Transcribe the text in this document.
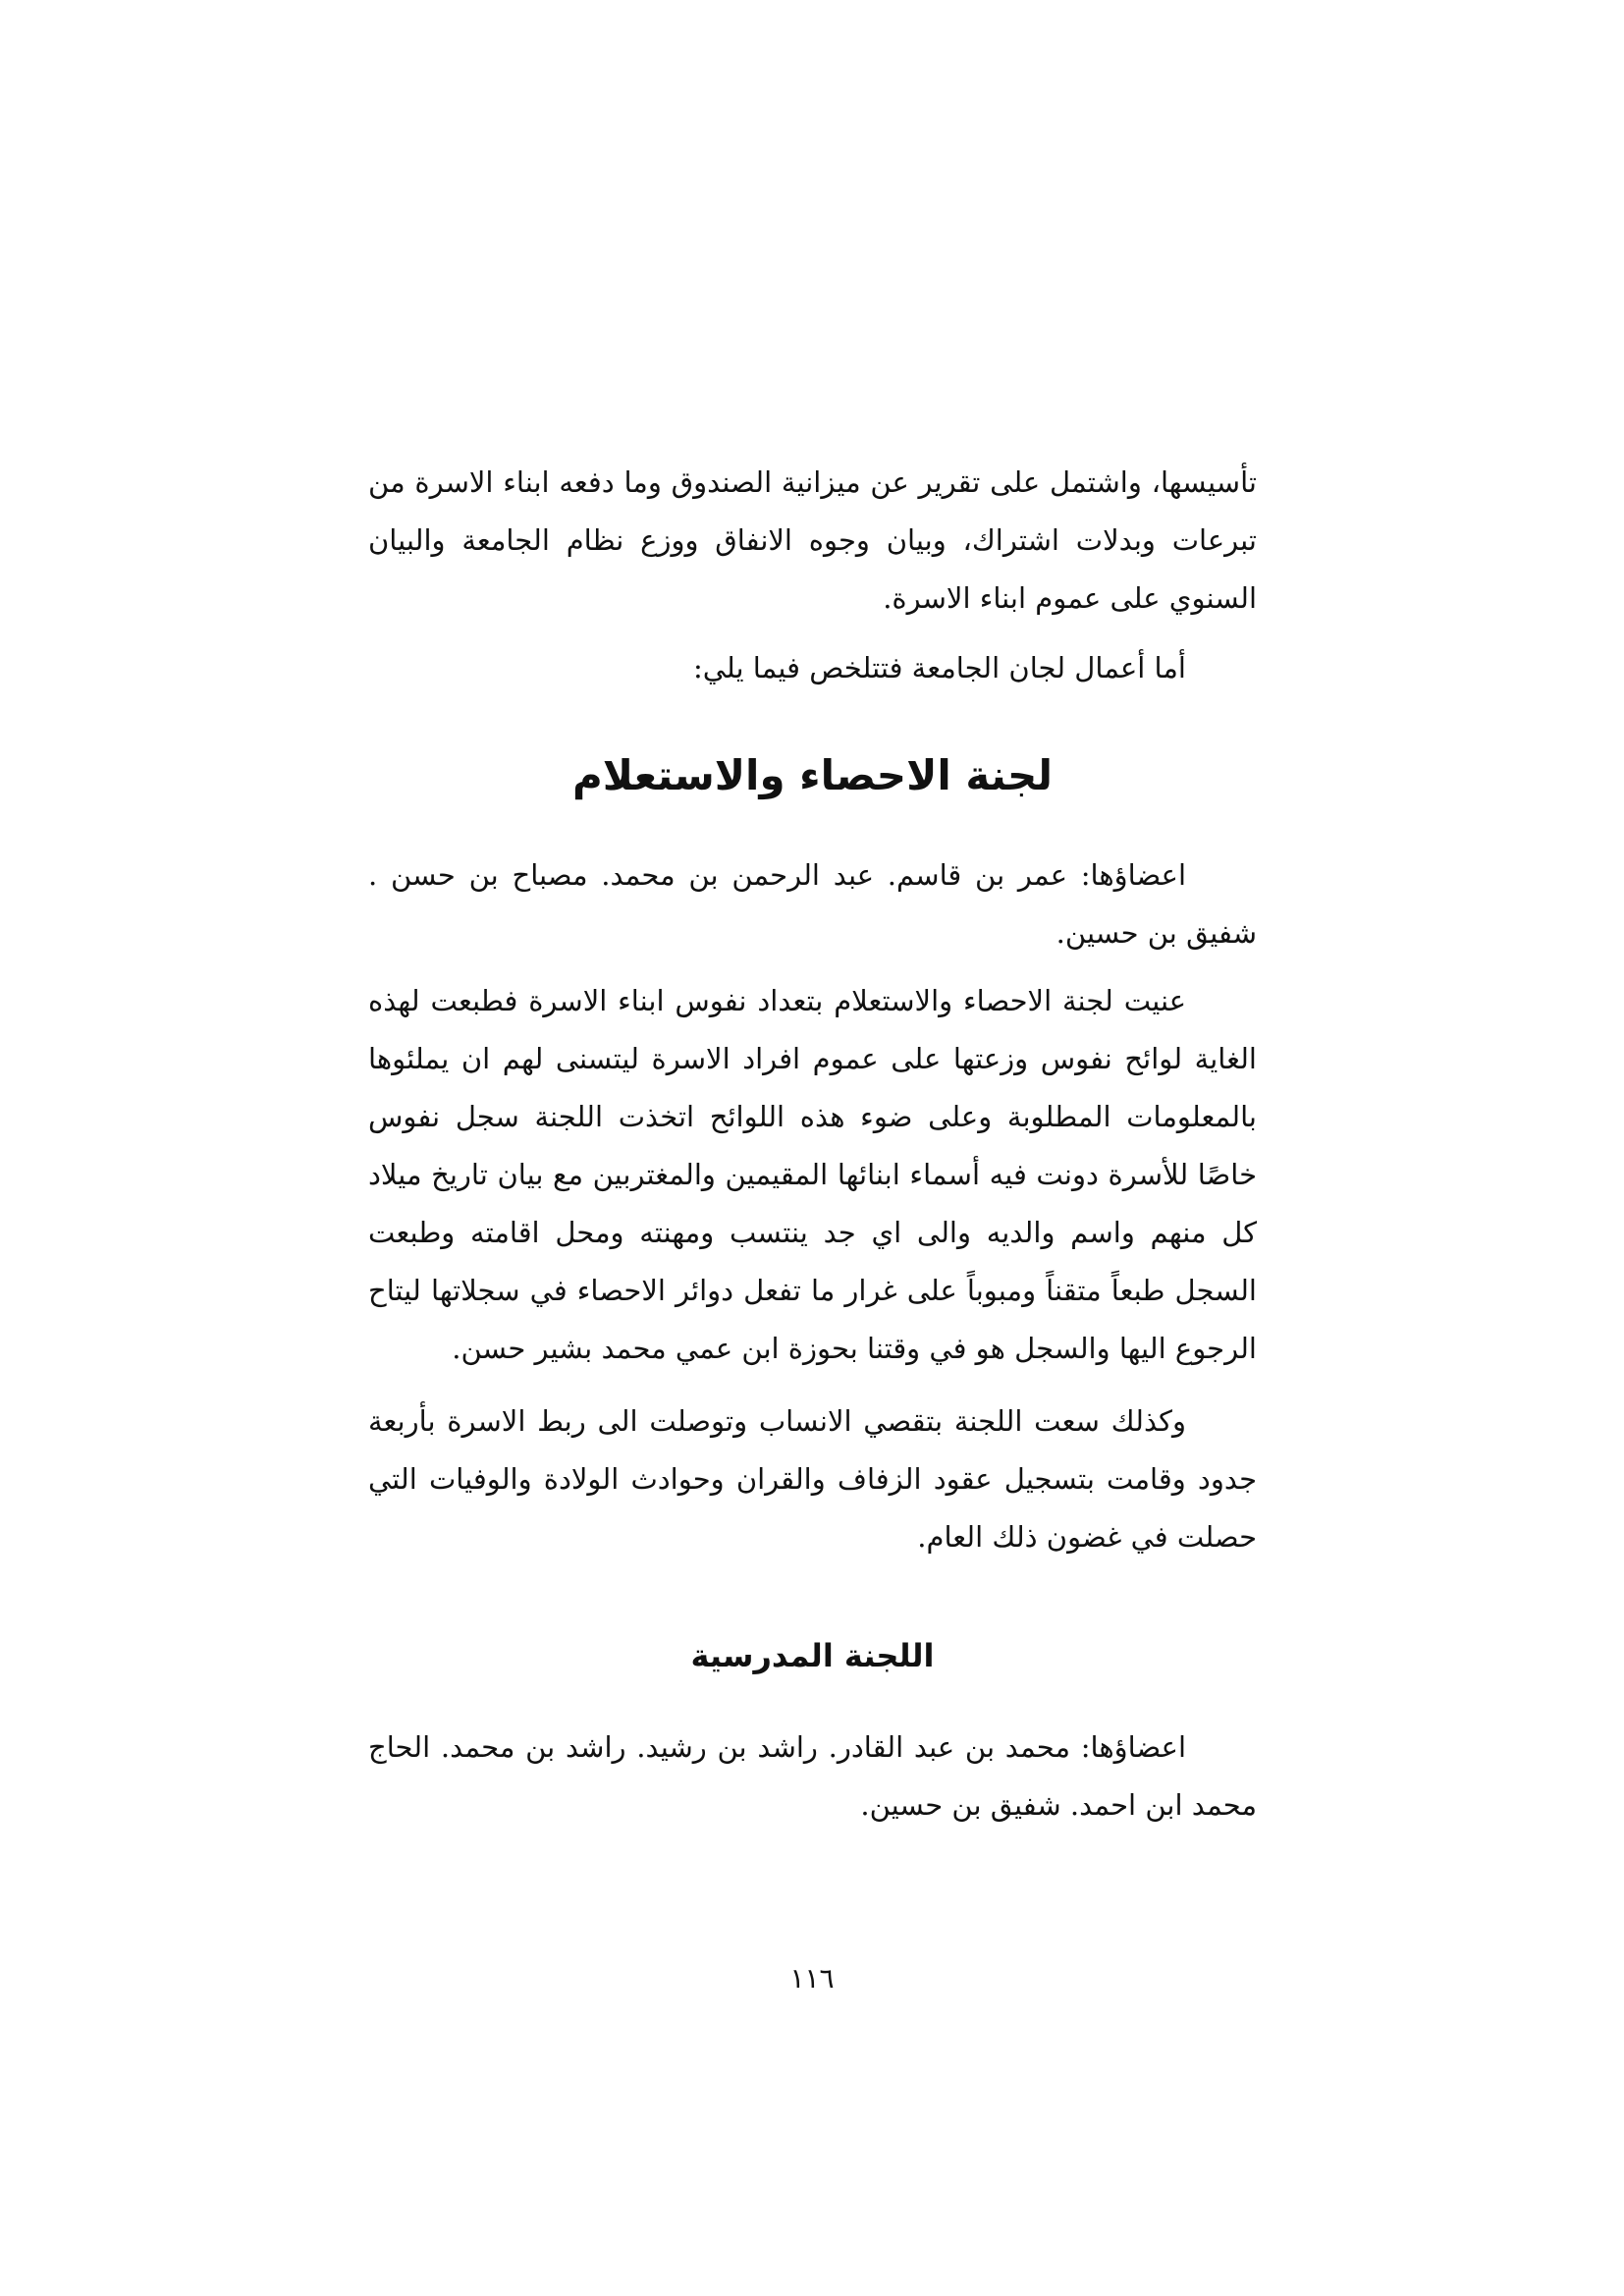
تأسيسها، واشتمل على تقرير عن ميزانية الصندوق وما دفعه ابناء الاسرة من تبرعات وبدلات اشتراك، وبيان وجوه الانفاق ووزع نظام الجامعة والبيان السنوي على عموم ابناء الاسرة.

أما أعمال لجان الجامعة فتتلخص فيما يلي:

لجنة الاحصاء والاستعلام

اعضاؤها: عمر بن قاسم. عبد الرحمن بن محمد. مصباح بن حسن . شفيق بن حسين.

عنيت لجنة الاحصاء والاستعلام بتعداد نفوس ابناء الاسرة فطبعت لهذه الغاية لوائح نفوس وزعتها على عموم افراد الاسرة ليتسنى لهم ان يملئوها بالمعلومات المطلوبة وعلى ضوء هذه اللوائح اتخذت اللجنة سجل نفوس خاصًا للأسرة دونت فيه أسماء ابنائها المقيمين والمغتربين مع بيان تاريخ ميلاد كل منهم واسم والديه والى اي جد ينتسب ومهنته ومحل اقامته وطبعت السجل طبعاً متقناً ومبوباً على غرار ما تفعل دوائر الاحصاء في سجلاتها ليتاح الرجوع اليها والسجل هو في وقتنا بحوزة ابن عمي محمد بشير حسن.

وكذلك سعت اللجنة بتقصي الانساب وتوصلت الى ربط الاسرة بأربعة جدود وقامت بتسجيل عقود الزفاف والقران وحوادث الولادة والوفيات التي حصلت في غضون ذلك العام.

اللجنة المدرسية

اعضاؤها: محمد بن عبد القادر. راشد بن رشيد. راشد بن محمد. الحاج محمد ابن احمد. شفيق بن حسين.

١١٦
